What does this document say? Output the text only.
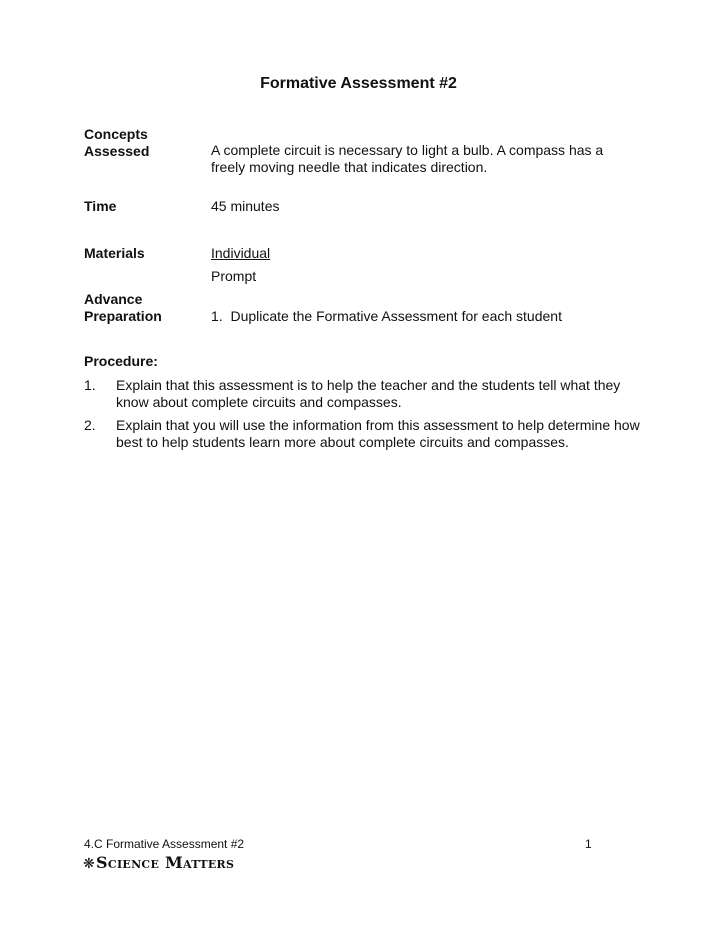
Formative Assessment #2
Concepts
Assessed	A complete circuit is necessary to light a bulb. A compass has a freely moving needle that indicates direction.
Time	45 minutes
Materials	Individual
Prompt
Advance
Preparation	1. Duplicate the Formative Assessment for each student
Procedure:
1. Explain that this assessment is to help the teacher and the students tell what they know about complete circuits and compasses.
2. Explain that you will use the information from this assessment to help determine how best to help students learn more about complete circuits and compasses.
4.C Formative Assessment #2	1
❋Science Matters
